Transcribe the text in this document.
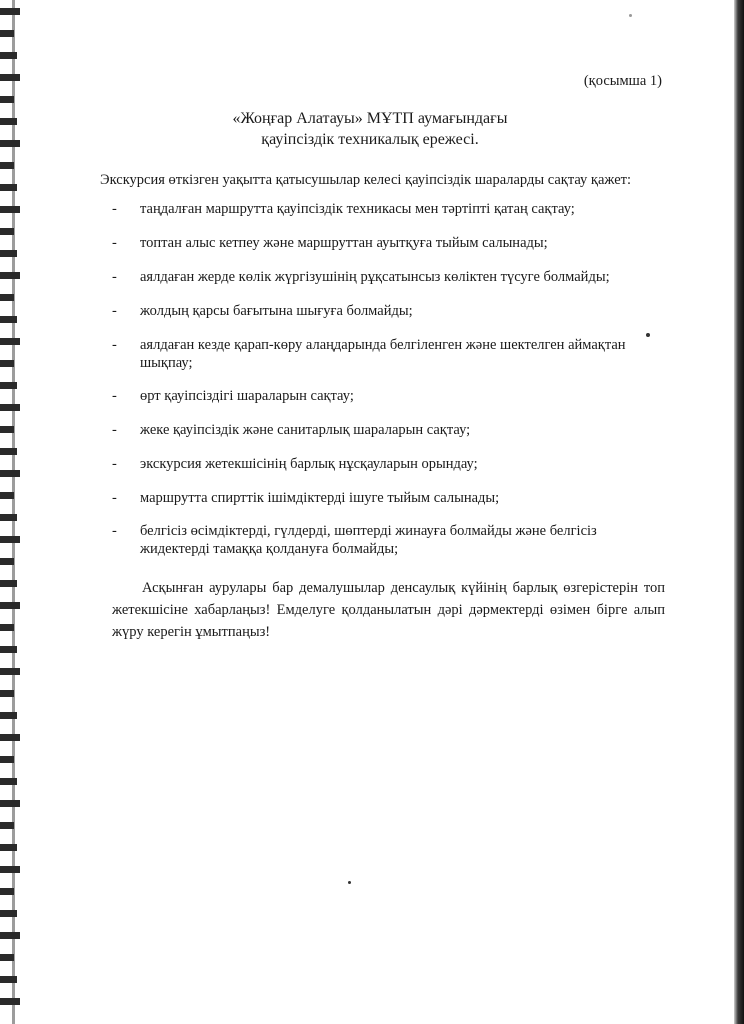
(қосымша 1)
«Жоңғар Алатауы» МҰТП аумағындағы
қауіпсіздік техникалық ережесі.
Экскурсия өткізген уақытта қатысушылар келесі қауіпсіздік шараларды сақтау қажет:
- таңдалған маршрутта қауіпсіздік техникасы мен тәртіпті қатаң сақтау;
- топтан алыс кетпеу және маршруттан ауытқуға тыйым салынады;
- аялдаған жерде көлік жүргізушінің рұқсатынсыз көліктен түсуге болмайды;
- жолдың қарсы бағытына шығуға болмайды;
- аялдаған кезде қарап-көру алаңдарында белгіленген және шектелген аймақтан
шықпау;
- өрт қауіпсіздігі шараларын сақтау;
- жеке қауіпсіздік және санитарлық шараларын сақтау;
- экскурсия жетекшісінің барлық нұсқауларын орындау;
- маршрутта спирттік ішімдіктерді ішуге тыйым салынады;
- белгісіз өсімдіктерді, гүлдерді, шөптерді жинауға болмайды және белгісіз
жидектерді тамаққа қолдануға болмайды;
Асқынған аурулары бар демалушылар денсаулық күйінің барлық өзгерістерін топ жетекшісіне хабарлаңыз! Емделуге қолданылатын дәрі дәрмектерді өзімен бірге алып жүру керегін ұмытпаңыз!
